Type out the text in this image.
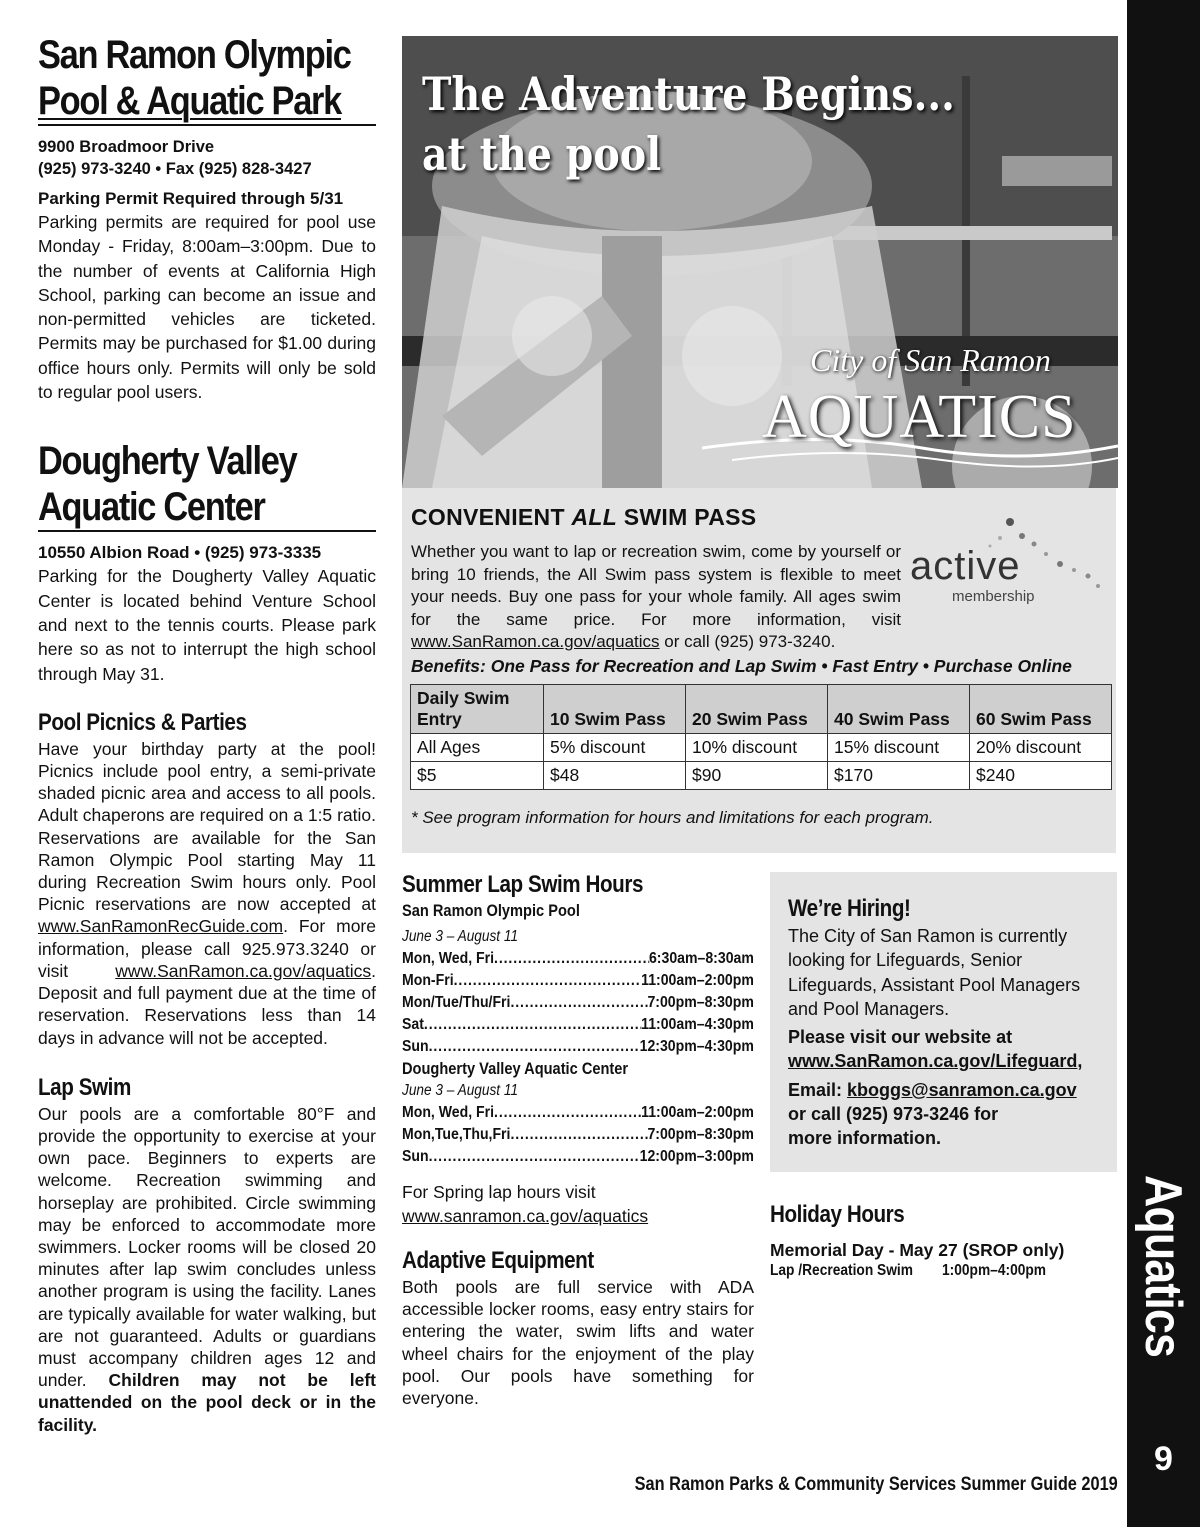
San Ramon Olympic
Pool & Aquatic Park

9900 Broadmoor Drive

(925) 973-3240 • Fax (925) 828-3427

Parking Permit Required through 5/31

Parking permits are required for pool use Monday - Friday, 8:00am–3:00pm. Due to the number of events at California High School, parking can become an issue and non-permitted vehicles are ticketed. Permits may be purchased for $1.00 during office hours only. Permits will only be sold to regular pool users.

Dougherty Valley
Aquatic Center

10550 Albion Road • (925) 973-3335

Parking for the Dougherty Valley Aquatic Center is located behind Venture School and next to the tennis courts. Please park here so as not to interrupt the high school through May 31.

Pool Picnics & Parties

Have your birthday party at the pool! Picnics include pool entry, a semi-private shaded picnic area and access to all pools. Adult chaperons are required on a 1:5 ratio. Reservations are available for the San Ramon Olympic Pool starting May 11 during Recreation Swim hours only. Pool Picnic reservations are now accepted at www.SanRamonRecGuide.com. For more information, please call 925.973.3240 or visit www.SanRamon.ca.gov/aquatics. Deposit and full payment due at the time of reservation. Reservations less than 14 days in advance will not be accepted.

Lap Swim

Our pools are a comfortable 80°F and provide the opportunity to exercise at your own pace. Beginners to experts are welcome. Recreation swimming and horseplay are prohibited. Circle swimming may be enforced to accommodate more swimmers. Locker rooms will be closed 20 minutes after lap swim concludes unless another program is using the facility. Lanes are typically available for water walking, but are not guaranteed. Adults or guardians must accompany children ages 12 and under. Children may not be left unattended on the pool deck or in the facility.

The Adventure Begins...
at the pool
City of San Ramon
AQUATICS
CONVENIENT ALL SWIM PASS

Whether you want to lap or recreation swim, come by yourself or bring 10 friends, the All Swim pass system is flexible to meet your needs. Buy one pass for your whole family. All ages swim for the same price. For more information, visit www.SanRamon.ca.gov/aquatics or call (925) 973-3240.

active
membership
Benefits: One Pass for Recreation and Lap Swim • Fast Entry • Purchase Online
Daily Swim Entry	10 Swim Pass	20 Swim Pass	40 Swim Pass	60 Swim Pass
All Ages	5% discount	10% discount	15% discount	20% discount
$5	$48	$90	$170	$240
* See program information for hours and limitations for each program.
Summer Lap Swim Hours
San Ramon Olympic Pool
June 3 – August 11
Mon, Wed, Fri .....	6:30am–8:30am
Mon-Fri .....	11:00am–2:00pm
Mon/Tue/Thu/Fri .....	7:00pm–8:30pm
Sat .....	11:00am–4:30pm
Sun .....	12:30pm–4:30pm
Dougherty Valley Aquatic Center
June 3 – August 11
Mon, Wed, Fri .....	11:00am–2:00pm
Mon,Tue,Thu,Fri .....	7:00pm–8:30pm
Sun .....	12:00pm–3:00pm

For Spring lap hours visit

www.sanramon.ca.gov/aquatics

Adaptive Equipment

Both pools are full service with ADA accessible locker rooms, easy entry stairs for entering the water, swim lifts and water wheel chairs for the enjoyment of the play pool. Our pools have something for everyone.

We’re Hiring!

The City of San Ramon is currently looking for Lifeguards, Senior Lifeguards, Assistant Pool Managers and Pool Managers.

Please visit our website at

www.SanRamon.ca.gov/Lifeguard,

Email: kboggs@sanramon.ca.gov

or call (925) 973-3246 for more information.

Holiday Hours

Memorial Day - May 27 (SROP only)

Lap /Recreation Swim	1:00pm–4:00pm Aquatics
9
San Ramon Parks & Community Services Summer Guide 2019
